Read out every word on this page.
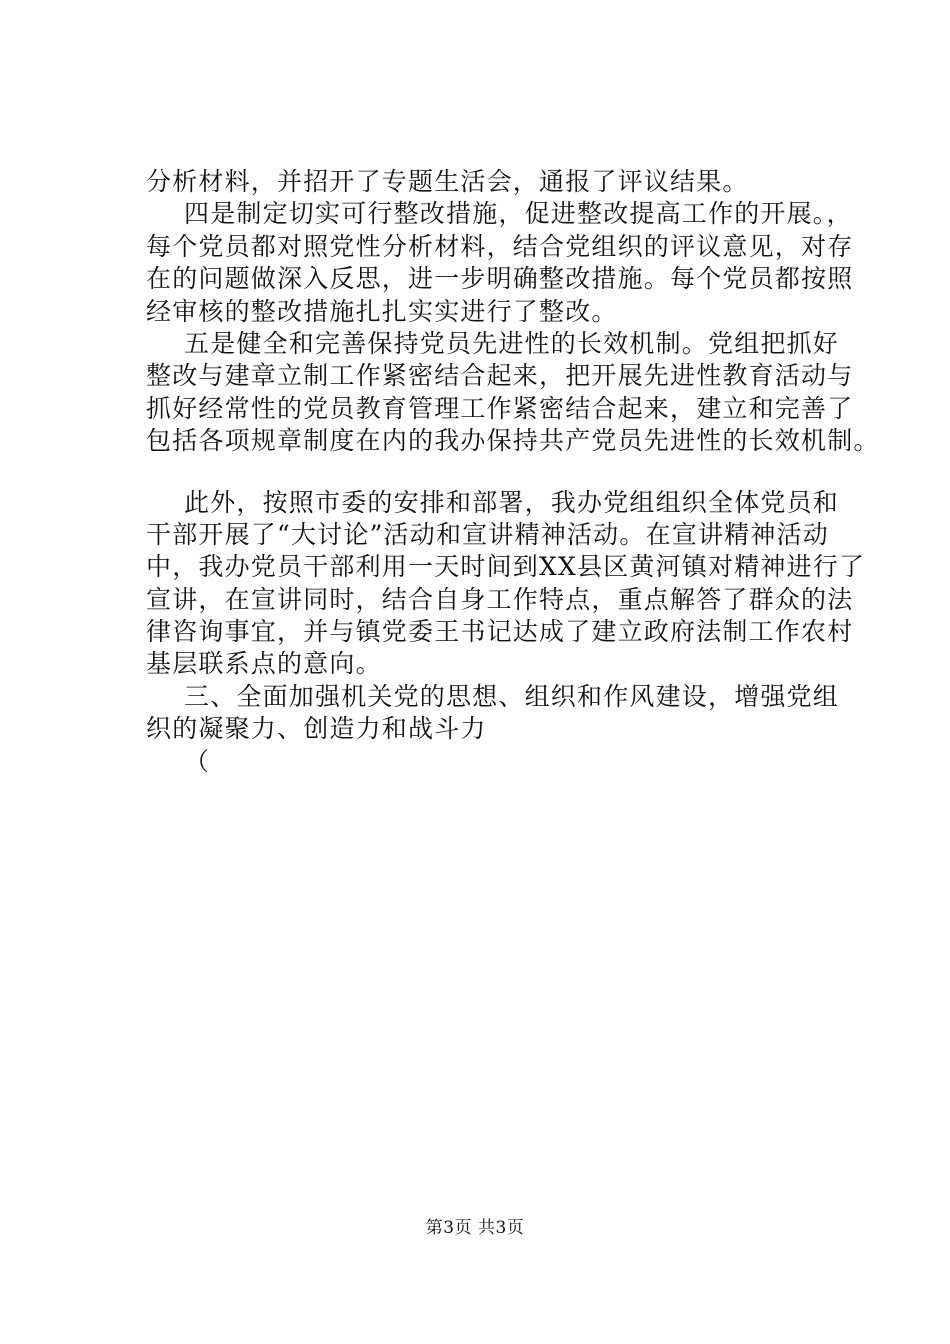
分析材料，并招开了专题生活会，通报了评议结果。
四是制定切实可行整改措施，促进整改提高工作的开展。，
每个党员都对照党性分析材料，结合党组织的评议意见，对存
在的问题做深入反思，进一步明确整改措施。每个党员都按照
经审核的整改措施扎扎实实进行了整改。
五是健全和完善保持党员先进性的长效机制。党组把抓好
整改与建章立制工作紧密结合起来，把开展先进性教育活动与
抓好经常性的党员教育管理工作紧密结合起来，建立和完善了
包括各项规章制度在内的我办保持共产党员先进性的长效机制。
此外，按照市委的安排和部署，我办党组组织全体党员和
干部开展了“大讨论”活动和宣讲精神活动。在宣讲精神活动
中，我办党员干部利用一天时间到XX县区黄河镇对精神进行了
宣讲，在宣讲同时，结合自身工作特点，重点解答了群众的法
律咨询事宜，并与镇党委王书记达成了建立政府法制工作农村
基层联系点的意向。
三、全面加强机关党的思想、组织和作风建设，增强党组
织的凝聚力、创造力和战斗力
（
第3页 共3页
